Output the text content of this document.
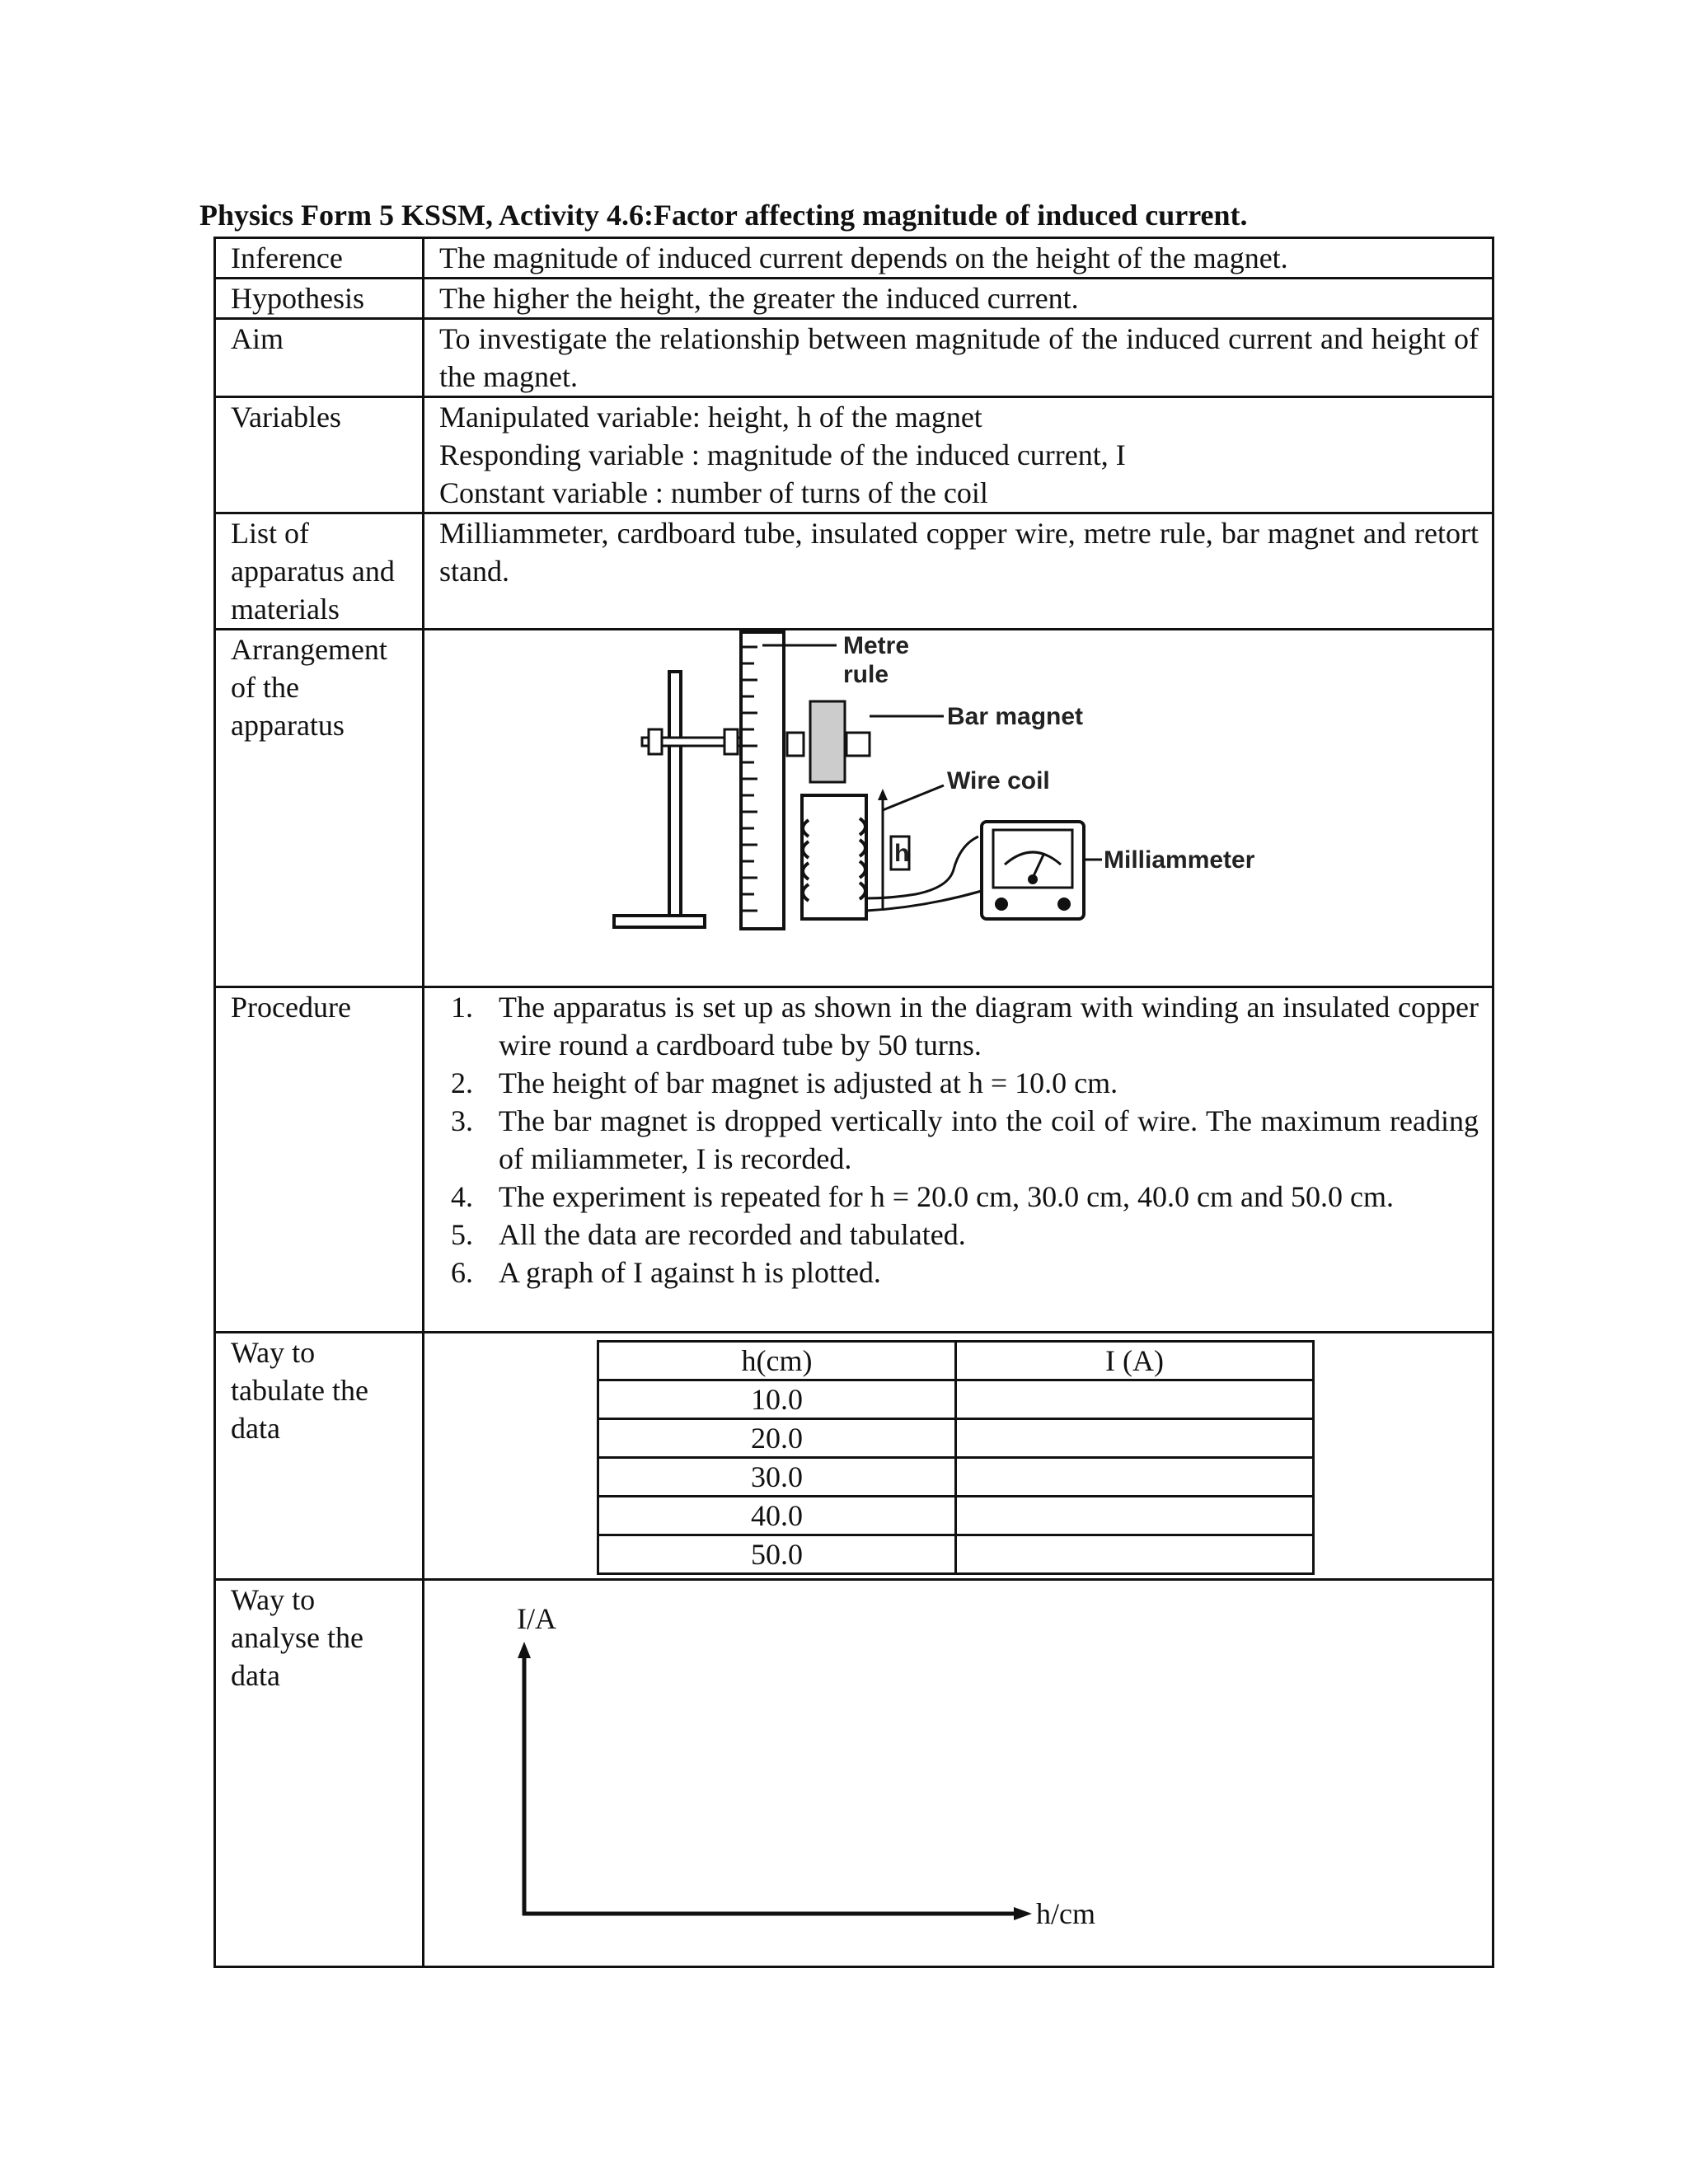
Physics Form 5 KSSM, Activity 4.6:Factor affecting magnitude of induced current.
Inference	The magnitude of induced current depends on the height of the magnet.
Hypothesis	The higher the height, the greater the induced current.
Aim	To investigate the relationship between magnitude of the induced current and height of the magnet.
Variables	Manipulated variable: height, h of the magnet
Responding variable : magnitude of the induced current, I
Constant variable : number of turns of the coil

List of apparatus and materials	Milliammeter, cardboard tube, insulated copper wire, metre rule, bar magnet and retort stand.
Arrangement of the apparatus	
Metre
rule
Bar magnet
Wire coil
h	Milliammeter

Procedure	1. The apparatus is set up as shown in the diagram with winding an insulated copper wire round a cardboard tube by 50 turns.
2. The height of bar magnet is adjusted at h = 10.0 cm.
3. The bar magnet is dropped vertically into the coil of wire. The maximum reading of miliammeter, I is recorded.
4. The experiment is repeated for h = 20.0 cm, 30.0 cm, 40.0 cm and 50.0 cm.
5. All the data are recorded and tabulated.
6. A graph of I against h is plotted.

Way to tabulate the data	
h(cm)	I (A)
10.0	
20.0	
30.0	
40.0	
50.0	

Way to analyse the data	
I/A
h/cm
